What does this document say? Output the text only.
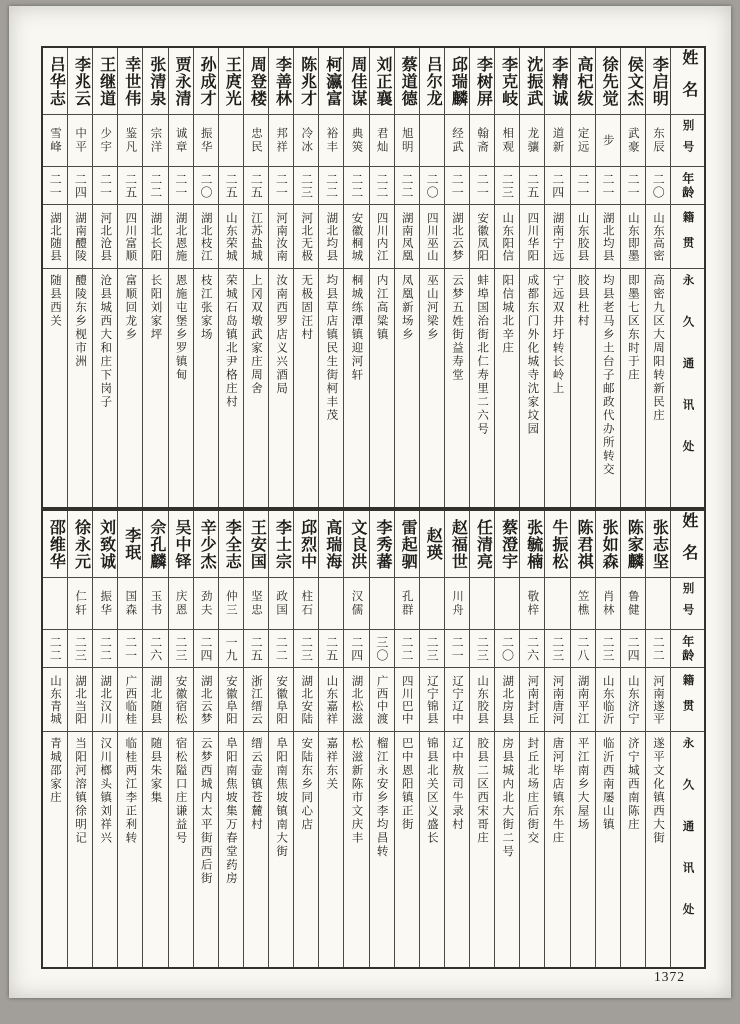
姓名
别号
年龄
籍贯
永久通讯处
李启明
东辰
二〇
山东高密
高密九区大周阳转新民庄
侯文杰
武豪
二一
山东即墨
即墨七区东时于庄
徐先觉
步
二一
湖北均县
均县老马乡土台子邮政代办所转交
高杞绂
定远
二一
山东胶县
胶县杜村
李精诚
道新
二四
湖南宁远
宁远双井圩转长岭上
沈振武
龙骧
二五
四川华阳
成都东门外化城寺沈家坟园
李克岐
相观
二三
山东阳信
阳信城北辛庄
李树屏
翰斋
二一
安徽凤阳
蚌埠国治街北仁寿里二六号
邱瑞麟
经武
二一
湖北云梦
云梦五姓街益寿堂
吕尔龙
二〇
四川巫山
巫山河梁乡
蔡道德
旭明
二二
湖南凤凰
凤凰新场乡
刘正襄
君灿
二二
四川内江
内江高粱镇
周佳谋
典筴
二二
安徽桐城
桐城练潭镇迎河轩
柯瀛富
裕丰
二二
湖北均县
均县草店镇民生街柯丰茂
陈兆才
冷冰
二三
河北无极
无极固汪村
李善林
邦祥
二一
河南汝南
汝南西罗店义兴酒局
周登楼
忠民
二五
江苏盐城
上冈双墩武家庄周舍
王庹光
二五
山东荣城
荣城石岛镇北尹格庄村
孙成才
振华
二〇
湖北枝江
枝江张家场
贾永清
诚章
二一
湖北恩施
恩施屯堡乡罗镇甸
张清泉
宗洋
二二
湖北长阳
长阳刘家坪
幸世伟
鉴凡
二五
四川富顺
富顺回龙乡
王继道
少宇
二一
河北沧县
沧县城西大和庄下岗子
李兆云
中平
二四
湖南醴陵
醴陵东乡枧市洲
吕华志
雪峰
二一
湖北随县
随县西关
姓名
别号
年龄
籍贯
永久通讯处
张志坚
二二
河南遂平
遂平文化镇西大街
陈家麟
鲁健
二四
山东济宁
济宁城西南陈庄
张如森
肖林
二三
山东临沂
临沂西南屡山镇
陈君祺
笠樵
二八
湖南平江
平江南乡大屋场
牛振松
二三
河南唐河
唐河毕店镇东牛庄
张毓楠
敬梓
二六
河南封丘
封丘北场庄后街交
蔡澄宇
二〇
湖北房县
房县城内北大街二号
任清亮
二三
山东胶县
胶县二区西宋哥庄
赵福世
川舟
二一
辽宁辽中
辽中敖司牛录村
赵瑛
二三
辽宁锦县
锦县北关区义盛长
雷起驷
孔群
二二
四川巴中
巴中恩阳镇正街
李秀蕃
三〇
广西中渡
榴江永安乡李均昌转
文良洪
汉儒
二四
湖北松滋
松滋新陈市文庆丰
高瑞海
二五
山东嘉祥
嘉祥东关
邱烈中
柱石
二三
湖北安陆
安陆东乡同心店
李士宗
政国
二二
安徽阜阳
阜阳南焦坡镇南大街
王安国
坚忠
二五
浙江缙云
缙云壶镇苍麓村
李全志
仲三
一九
安徽阜阳
阜阳南焦坡集万春堂药房
辛少杰
劲夫
二四
湖北云梦
云梦西城内太平街西后街
吴中铎
庆恩
二三
安徽宿松
宿松隘口庄谦益号
佘孔麟
玉书
二六
湖北随县
随县朱家集
李珉
国森
二一
广西临桂
临桂两江李正利转
刘致诚
振华
二二
湖北汉川
汉川榔头镇刘祥兴
徐永元
仁轩
二三
湖北当阳
当阳河溶镇徐明记
邵维华
二二
山东青城
青城邵家庄
1372
